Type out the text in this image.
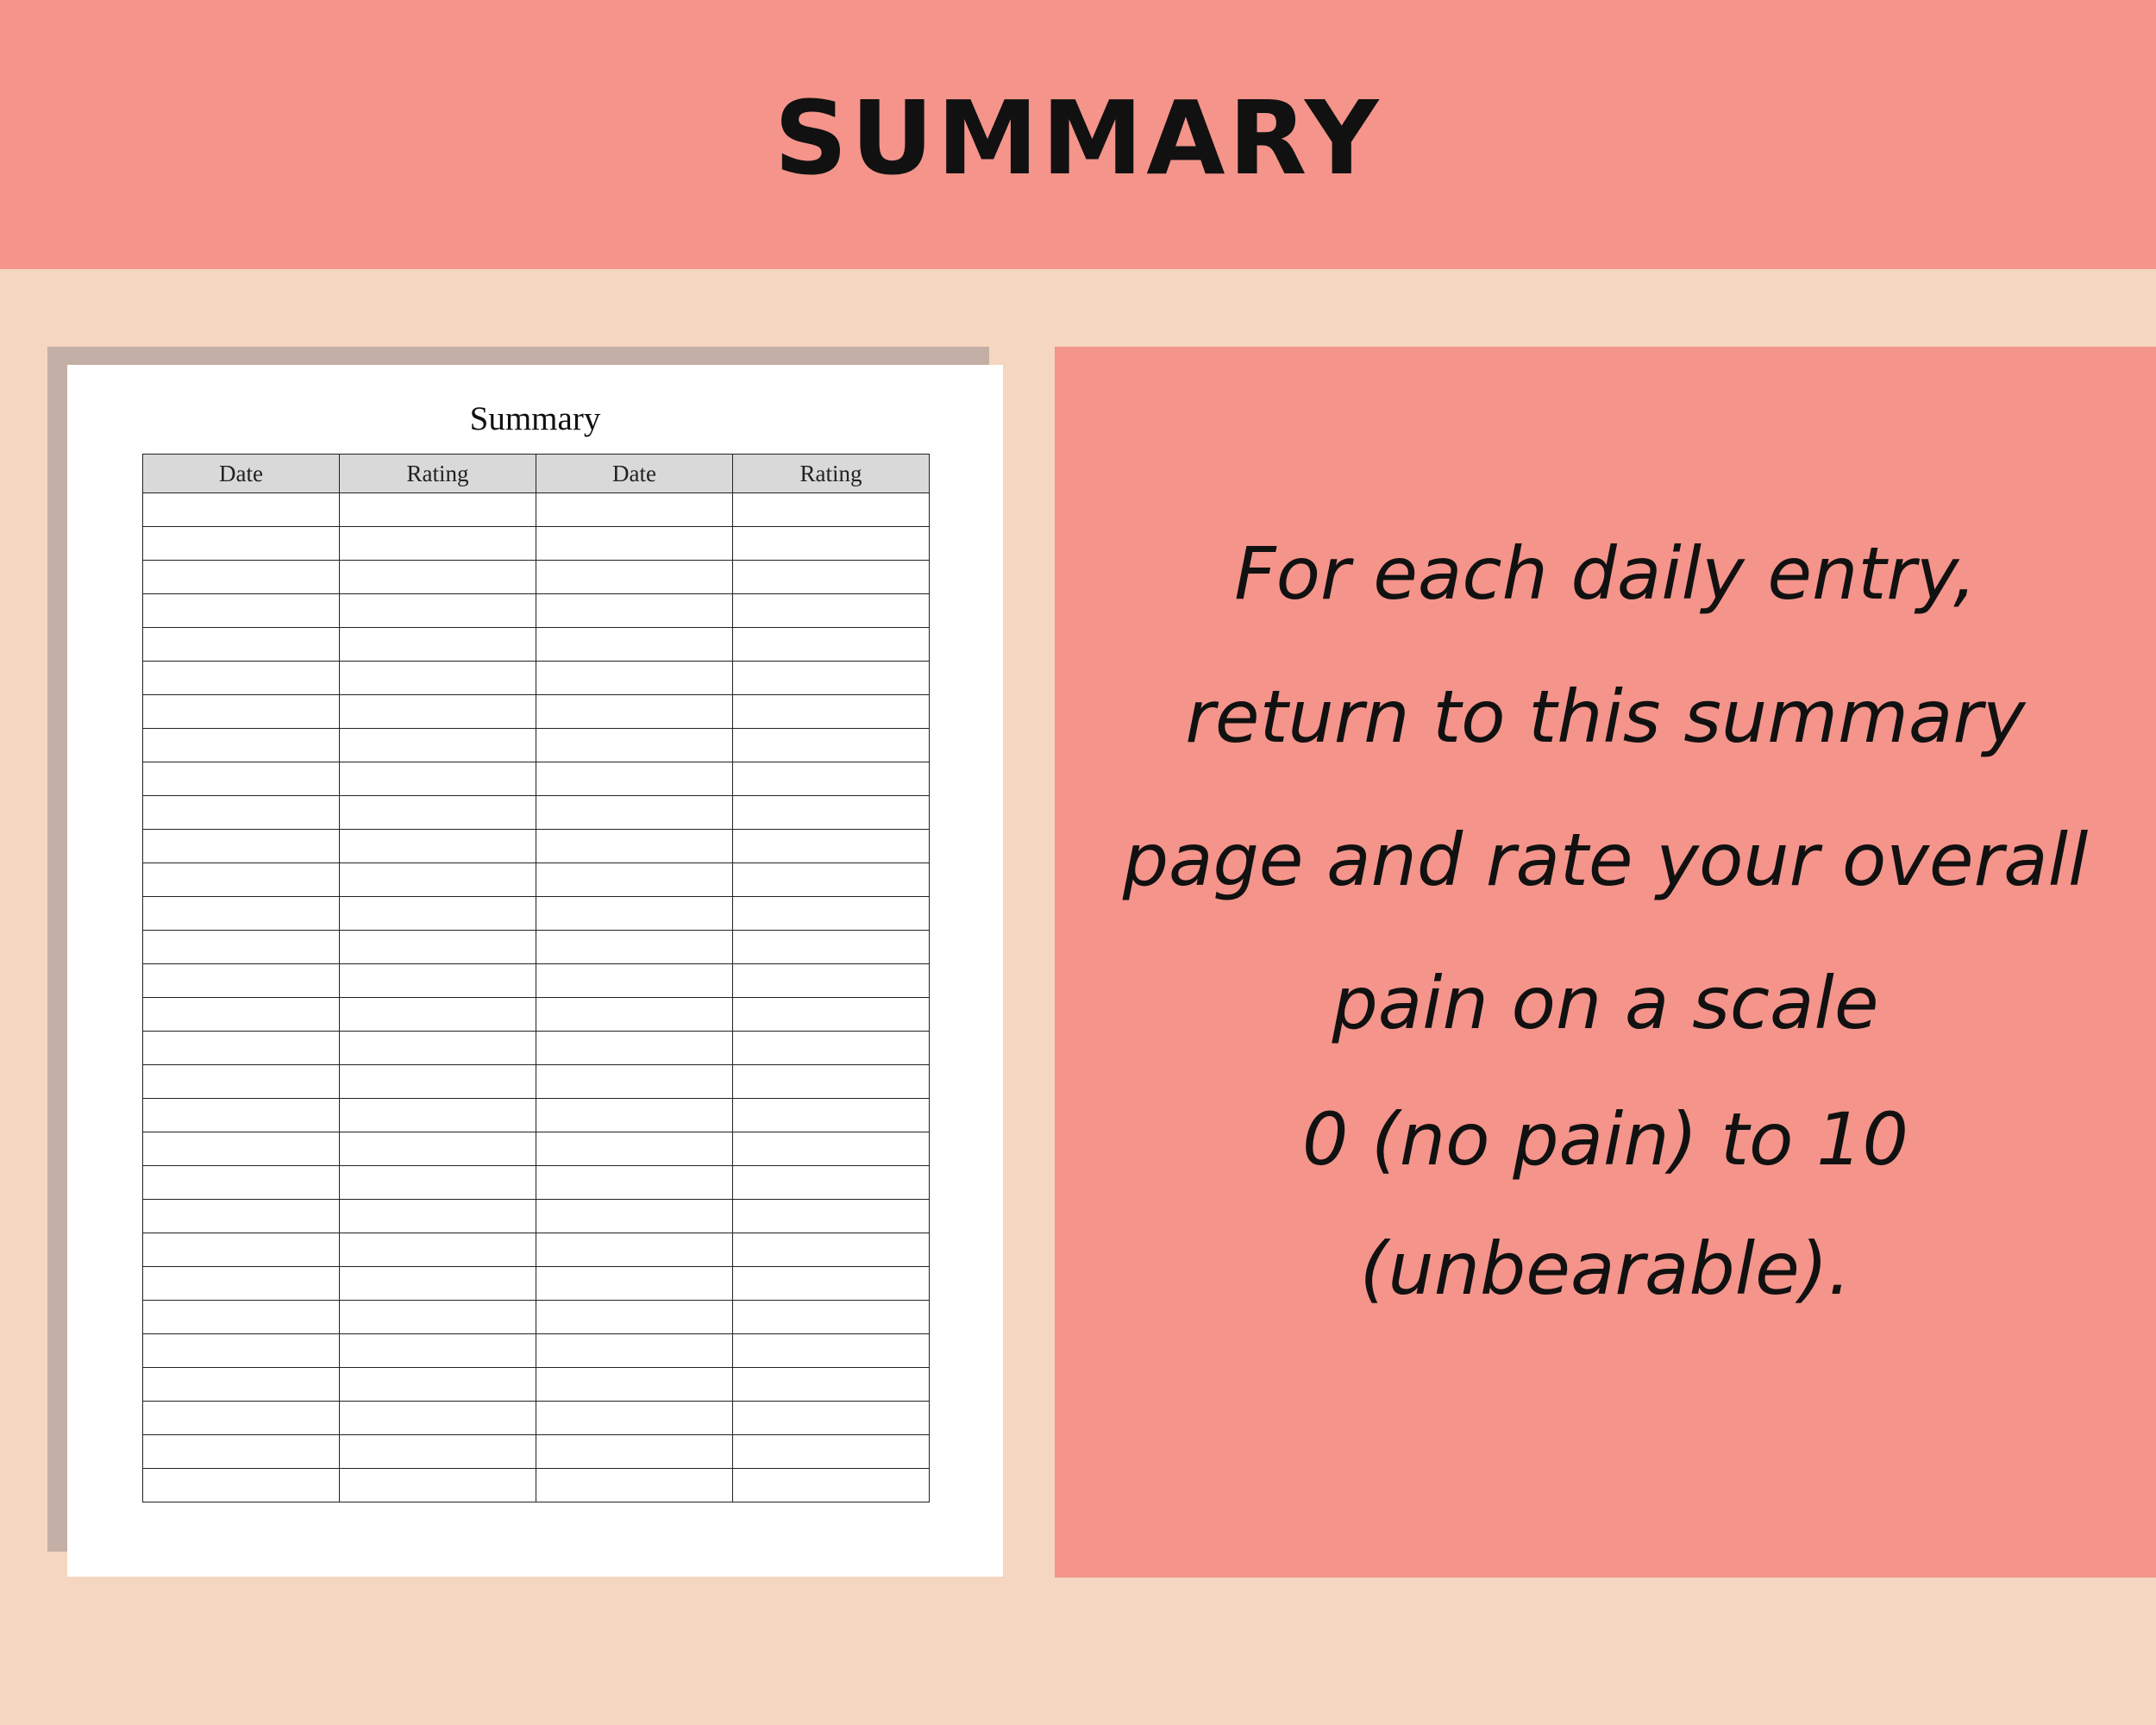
SUMMARY
Summary
Date	Rating	Date	Rating

For each daily entry,
return to this summary
page and rate your overall
pain on a scale
0 (no pain) to 10 (unbearable).
